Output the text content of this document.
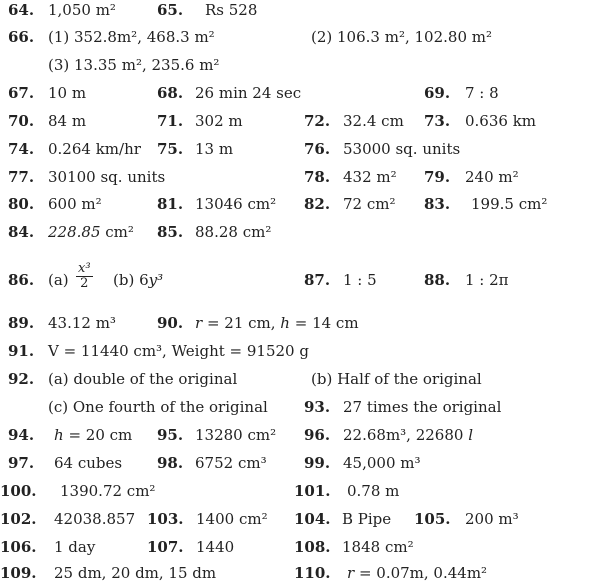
64. 1,050 m²	65. Rs 528
66. (1) 352.8m², 468.3 m²	(2) 106.3 m², 102.80 m²
(3) 13.35 m², 235.6 m²
67. 10 m	68. 26 min 24 sec	69. 7 : 8
70. 84 m	71. 302 m	72. 32.4 cm 73. 0.636 km
74. 0.264 km/hr 75. 13 m	76. 53000 sq. units
77. 30100 sq. units	78. 432 m² 79. 240 m²
80. 600 m²	81. 13046 cm² 82. 72 cm² 83. 199.5 cm²
84. 228.85 cm² 85. 88.28 cm²
86. $(a) \frac{\text{x³}}{2} (b)$ 6y³	87. 1 : 5	88. 1 : 2π
89. 43.12 m³	90. r = 21 cm, h = 14 cm
91. V = 11440 cm³, Weight = 91520 g
92. (a) double of the original	(b) Half of the original
(c) One fourth of the original 93. 27 times the original
94. h = 20 cm 95. 13280 cm² 96. 22.68m³, 22680 l
97. 64 cubes 98. 6752 cm³ 99. 45,000 m³
100. 1390.72 cm²	101. 0.78 m
102. 42038.857 103. 1400 cm² 104. B Pipe 105. 200 m³
106. 1 day	107. 1440	108. 1848 cm²
109. 25 dm, 20 dm, 15 dm	110. r = 0.07m, 0.44m²
